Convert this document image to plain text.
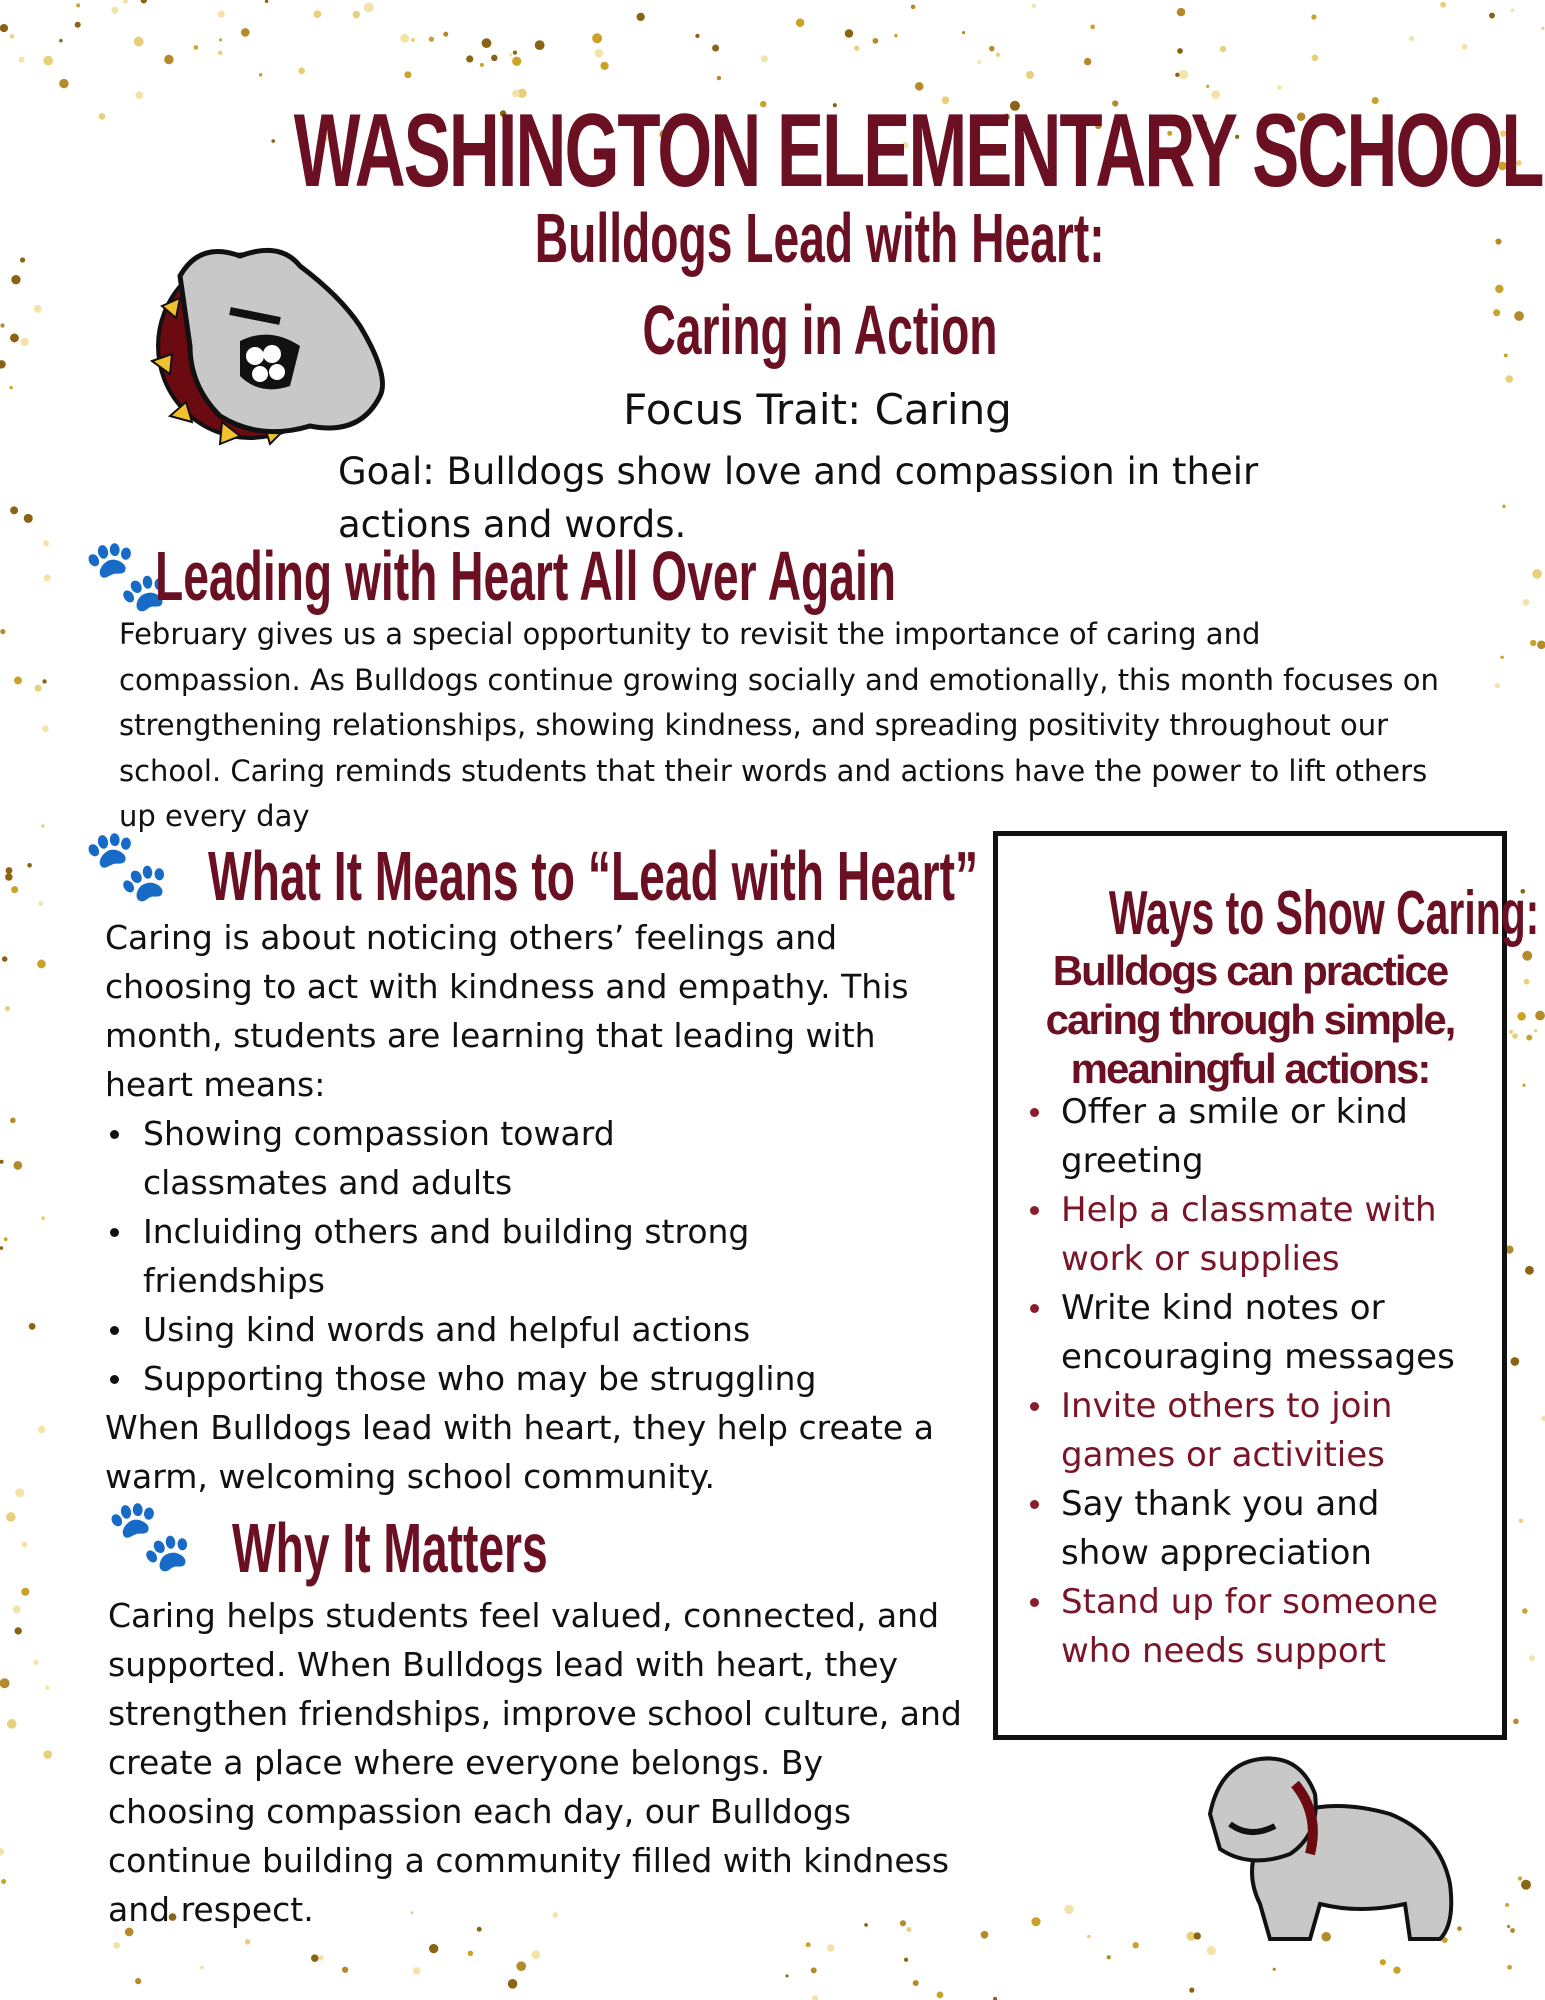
WASHINGTON ELEMENTARY SCHOOL
Bulldogs Lead with Heart:
Caring in Action
Focus Trait: Caring
Goal: Bulldogs show love and compassion in their actions and words.
🐾
Leading with Heart All Over Again
February gives us a special opportunity to revisit the importance of caring and compassion. As Bulldogs continue growing socially and emotionally, this month focuses on strengthening relationships, showing kindness, and spreading positivity throughout our school. Caring reminds students that their words and actions have the power to lift others up every day
🐾 What It Means to “Lead with Heart”
Caring is about noticing others’ feelings and choosing to act with kindness and empathy. This month, students are learning that leading with heart means:
Showing compassion toward classmates and adults
Incluiding others and building strong friendships
Using kind words and helpful actions
Supporting those who may be struggling
When Bulldogs lead with heart, they help create a warm, welcoming school community.
🐾 Why It Matters
Caring helps students feel valued, connected, and supported. When Bulldogs lead with heart, they strengthen friendships, improve school culture, and create a place where everyone belongs. By choosing compassion each day, our Bulldogs continue building a community filled with kindness and respect.
Ways to Show Caring:
Bulldogs can practice caring through simple, meaningful actions:
Offer a smile or kind greeting
Help a classmate with work or supplies
Write kind notes or encouraging messages
Invite others to join games or activities
Say thank you and show appreciation
Stand up for someone who needs support
